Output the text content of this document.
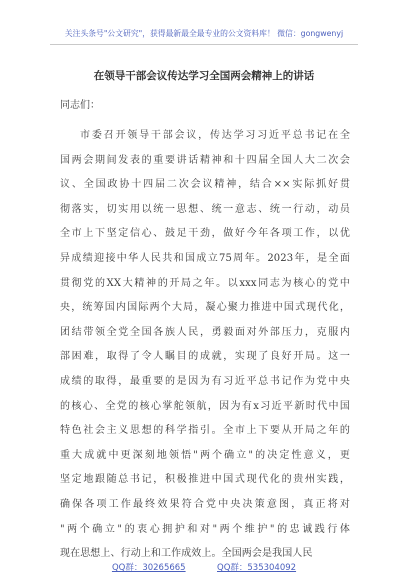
关注头条号"公文研究"，获得最新最全最专业的公文资料库！ 微信：gongwenyj
在领导干部会议传达学习全国两会精神上的讲话
同志们：
市委召开领导干部会议，传达学习习近平总书记在全
国两会期间发表的重要讲话精神和十四届全国人大二次会
议、全国政协十四届二次会议精神，结合××实际抓好贯
彻落实，切实用以统一思想、统一意志、统一行动，动员
全市上下坚定信心、鼓足干劲，做好今年各项工作，以优
异成绩迎接中华人民共和国成立75周年。2023年，是全面
贯彻党的XX大精神的开局之年。以xxx同志为核心的党中
央，统筹国内国际两个大局，凝心聚力推进中国式现代化，
团结带领全党全国各族人民，勇毅面对外部压力，克服内
部困难，取得了令人瞩目的成就，实现了良好开局。这一
成绩的取得，最重要的是因为有习近平总书记作为党中央
的核心、全党的核心掌舵领航，因为有x习近平新时代中国
特色社会主义思想的科学指引。全市上下要从开局之年的
重大成就中更深刻地领悟"两个确立"的决定性意义，更
坚定地跟随总书记，积极推进中国式现代化的贵州实践，
确保各项工作最终效果符合党中央决策意图，真正将对
"两个确立"的衷心拥护和对"两个维护"的忠诚践行体
现在思想上、行动上和工作成效上。全国两会是我国人民
QQ群：30265665	QQ群：535304092
